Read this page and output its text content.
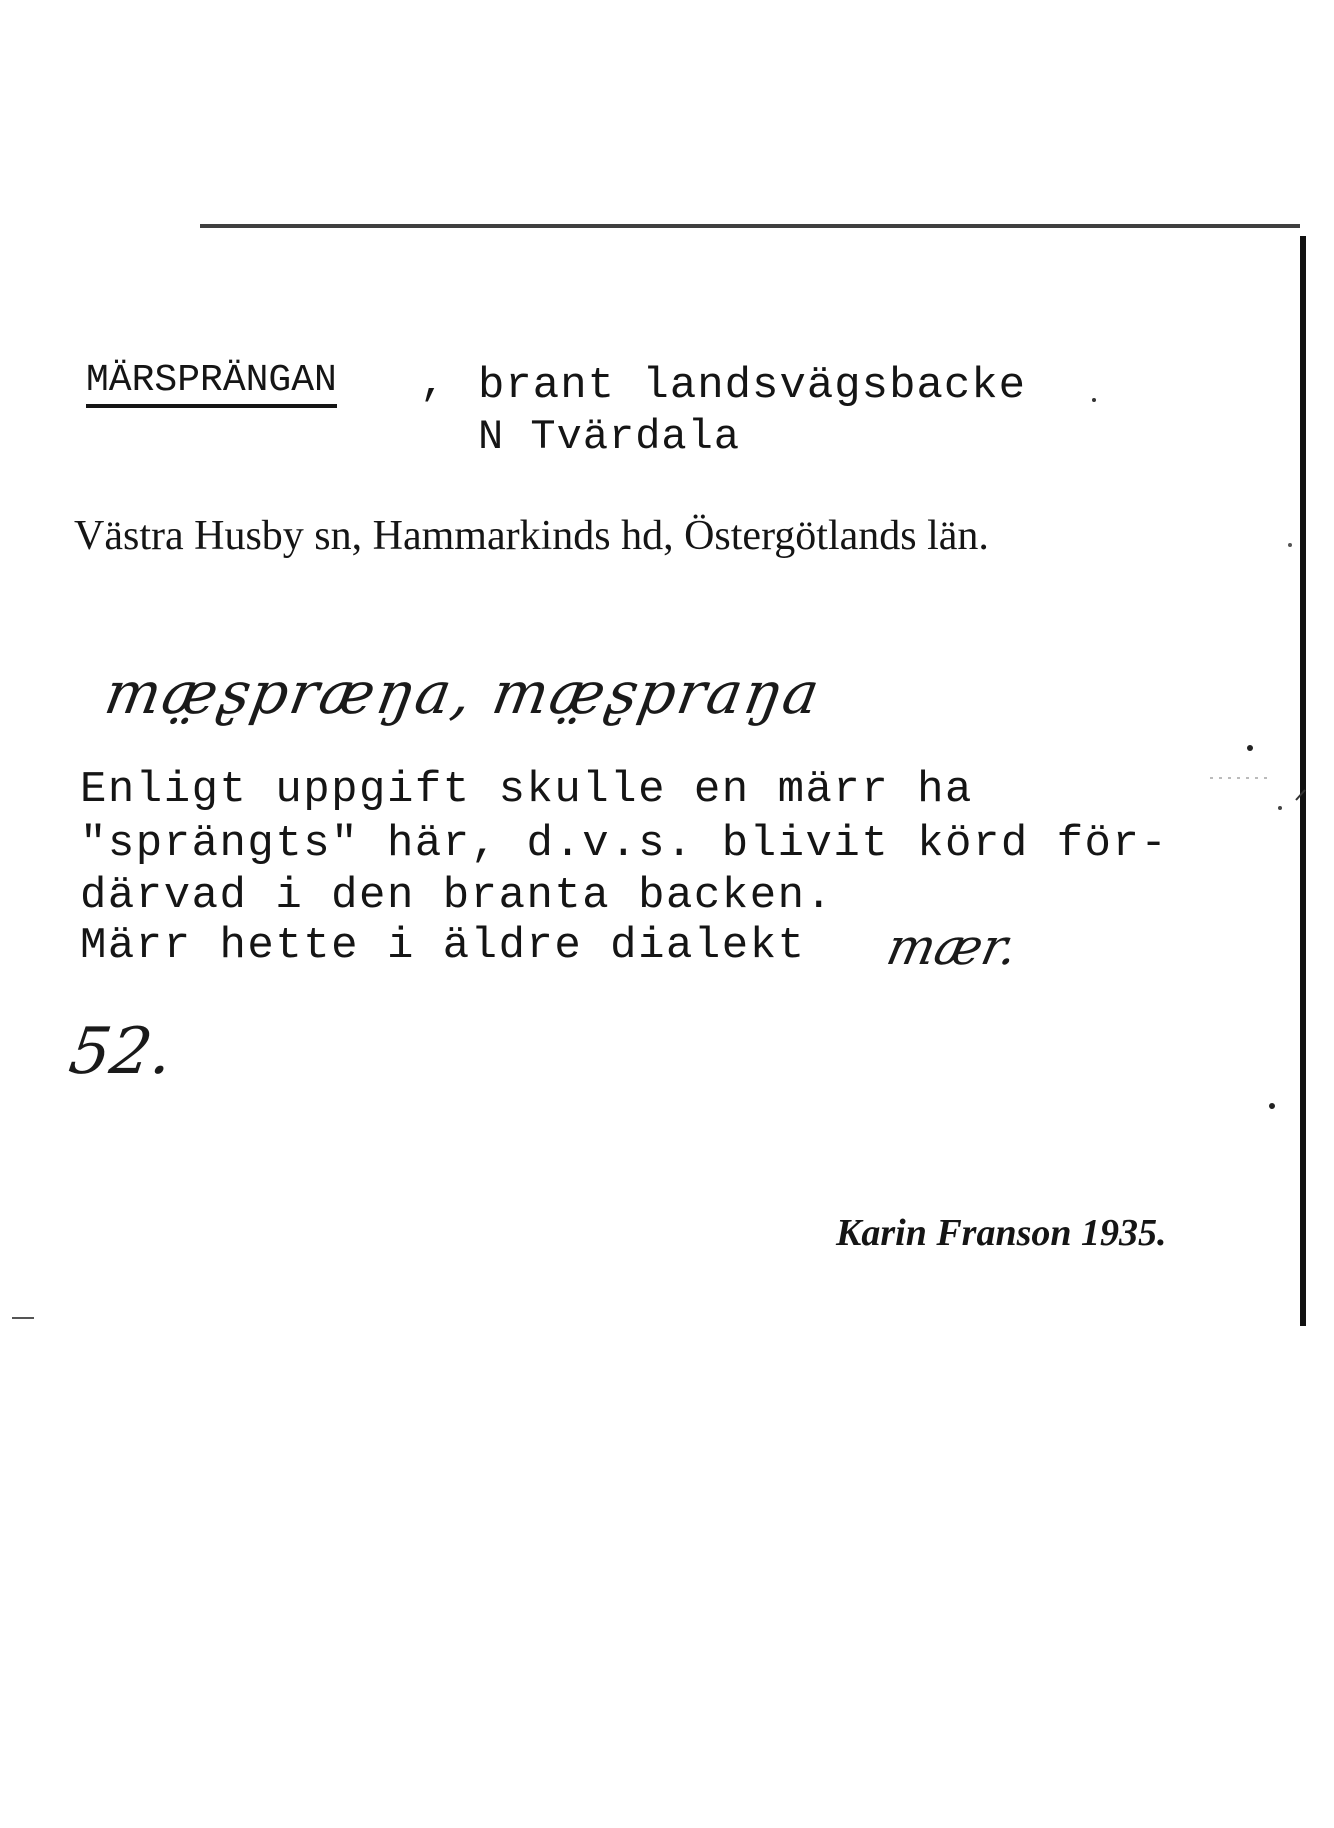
MÄRSPRÄNGAN , brant landsvägsbacke
N Tvärdala
Västra Husby sn, Hammarkinds hd, Östergötlands län.
mæ̤ʂpræŋa, mæ̤ʂpraŋa
Enligt uppgift skulle en märr ha
"sprängts" här, d.v.s. blivit körd för-
därvad i den branta backen.
Märr hette i äldre dialekt mær.
52.
Karin Franson 1935.
